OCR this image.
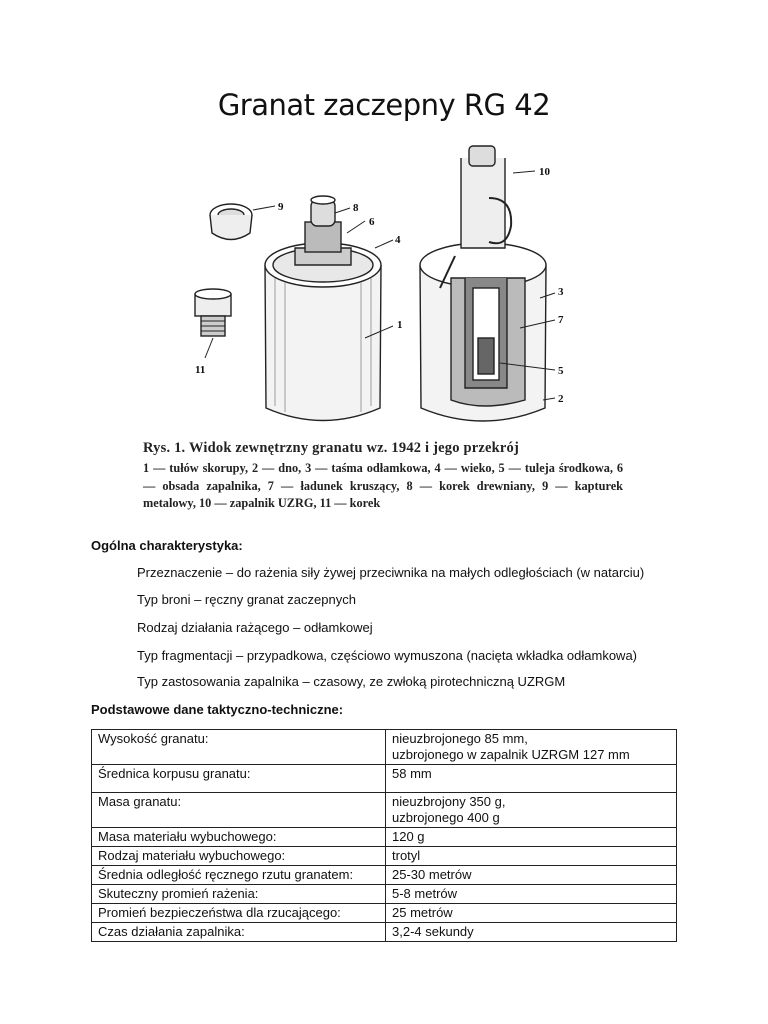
Granat zaczepny RG 42
10
9	8
6
4
1
11
3
7
5
2
Rys. 1. Widok zewnętrzny granatu wz. 1942 i jego przekrój
1 — tułów skorupy, 2 — dno, 3 — taśma odłamkowa, 4 — wieko, 5 — tuleja środkowa, 6 — obsada zapalnika, 7 — ładunek kruszący, 8 — korek drewniany, 9 — kapturek metalowy, 10 — zapalnik UZRG, 11 — korek
Ogólna charakterystyka:
Przeznaczenie – do rażenia siły żywej przeciwnika na małych odległościach (w natarciu)
Typ broni – ręczny granat zaczepnych
Rodzaj działania rażącego – odłamkowej
Typ fragmentacji – przypadkowa, częściowo wymuszona (nacięta wkładka odłamkowa)
Typ zastosowania zapalnika – czasowy, ze zwłoką pirotechniczną UZRGM
Podstawowe dane taktyczno-techniczne:
Wysokość granatu:	nieuzbrojonego 85 mm,
uzbrojonego w zapalnik UZRGM 127 mm

Średnica korpusu granatu:	58 mm
Masa granatu:	nieuzbrojony 350 g,
uzbrojonego 400 g

Masa materiału wybuchowego:	120 g
Rodzaj materiału wybuchowego:	trotyl
Średnia odległość ręcznego rzutu granatem:	25-30 metrów
Skuteczny promień rażenia:	5-8 metrów
Promień bezpieczeństwa dla rzucającego:	25 metrów
Czas działania zapalnika:	3,2-4 sekundy
